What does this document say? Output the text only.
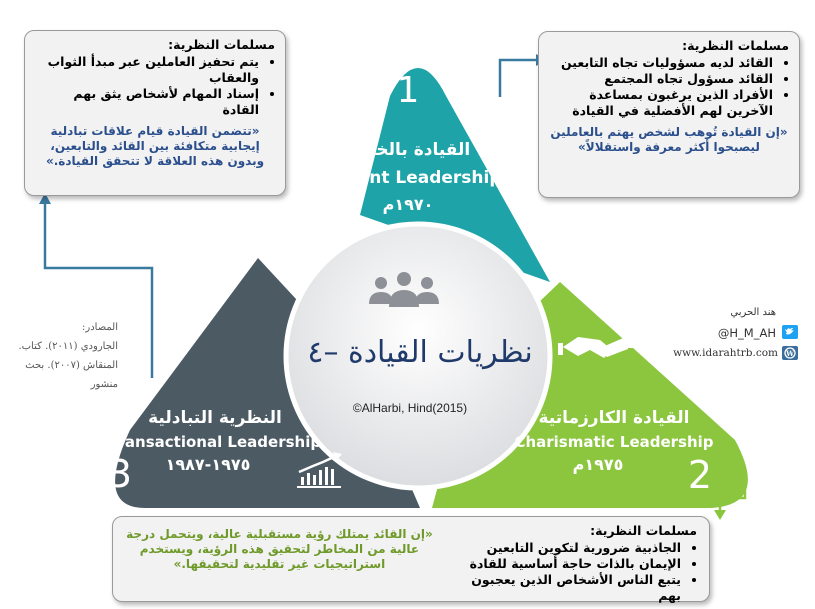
1
3	2
القيادة بالخدمة
Servant Leadership
١٩٧٠م
النظرية التبادلية
Transactional Leadership
١٩٧٥-١٩٨٧
القيادة الكارزماتية
Charismatic Leadership
١٩٧٥م
نظريات القيادة –٤
©AlHarbi, Hind(2015)
W
مسلمات النظرية:
• يتم تحفيز العاملين عبر مبدأ الثواب والعقاب
• إسناد المهام لأشخاص يثق بهم القادة
«تتضمن القيادة قيام علاقات تبادلية إيجابية متكافئة بين القائد والتابعين، وبدون هذه العلاقة لا تتحقق القيادة.»
مسلمات النظرية:
• القائد لديه مسؤوليات تجاه التابعين
• القائد مسؤول تجاه المجتمع
• الأفراد الذين يرغبون بمساعدة الآخرين لهم الأفضلية في القيادة
«إن القيادة تُوهب لشخص يهتم بالعاملين ليصبحوا أكثر معرفة واستقلالاً»
مسلمات النظرية:
• الجاذبية ضرورية لتكوين التابعين
• الإيمان بالذات حاجة أساسية للقادة
• يتبع الناس الأشخاص الذين يعجبون بهم
«إن القائد يمتلك رؤية مستقبلية عالية، ويتحمل درجة عالية من المخاطر لتحقيق هذه الرؤية، ويستخدم استراتيجيات غير تقليدية لتحقيقها.»
المصادر:
الجارودي (٢٠١١). كتاب.
المنقاش (٢٠٠٧). بحث منشور
هند الحربي
@H_M_AH
www.idarahtrb.com
